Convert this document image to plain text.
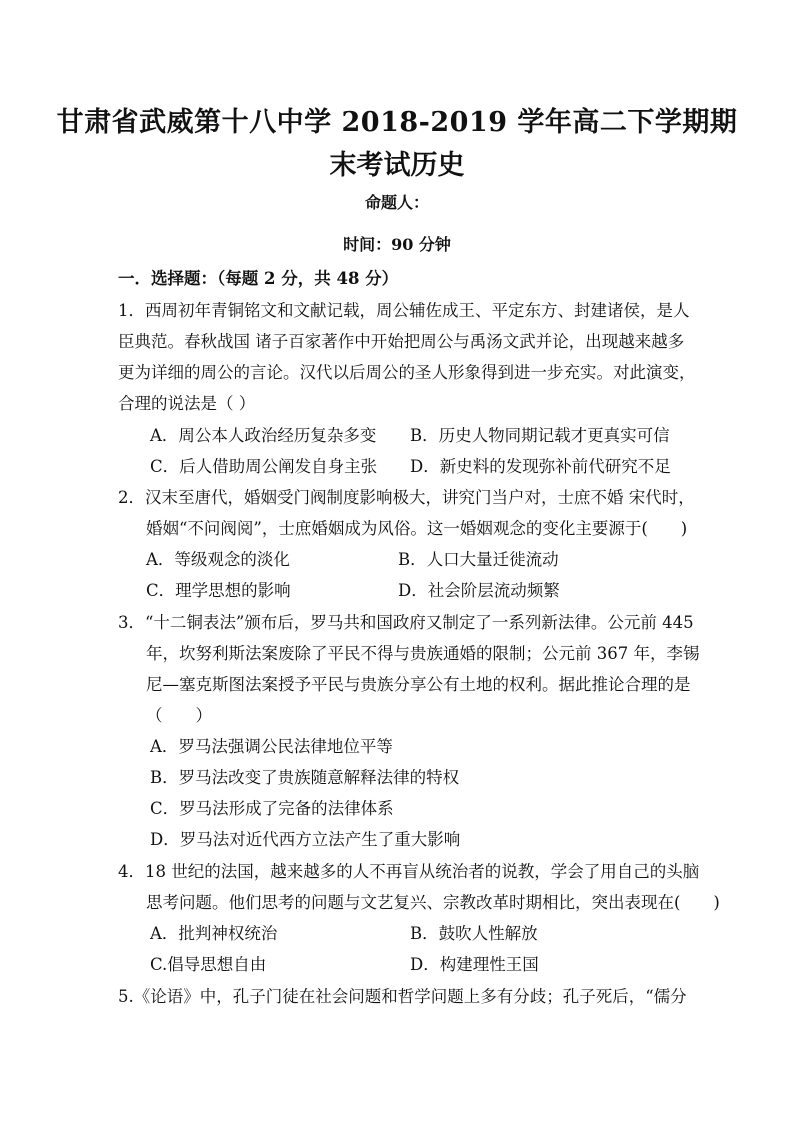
甘肃省武威第十八中学 2018-2019 学年高二下学期期
末考试历史
命题人：
时间：90 分钟
一．选择题：（每题 2 分，共 48 分）
1．西周初年青铜铭文和文献记载，周公辅佐成王、平定东方、封建诸侯，是人
臣典范。春秋战国 诸子百家著作中开始把周公与禹汤文武并论，出现越来越多
更为详细的周公的言论。汉代以后周公的圣人形象得到进一步充实。对此演变，
合理的说法是（ ）
A．周公本人政治经历复杂多变 B．历史人物同期记载才更真实可信
C．后人借助周公阐发自身主张 D．新史料的发现弥补前代研究不足
2．汉末至唐代，婚姻受门阀制度影响极大，讲究门当户对，士庶不婚 宋代时，
婚姻“不问阀阅”，士庶婚姻成为风俗。这一婚姻观念的变化主要源于(　　)
A．等级观念的淡化	B．人口大量迁徙流动
C．理学思想的影响	D．社会阶层流动频繁
3．“十二铜表法”颁布后，罗马共和国政府又制定了一系列新法律。公元前 445
年，坎努利斯法案废除了平民不得与贵族通婚的限制；公元前 367 年，李锡
尼—塞克斯图法案授予平民与贵族分享公有土地的权利。据此推论合理的是
（　　）
A．罗马法强调公民法律地位平等
B．罗马法改变了贵族随意解释法律的特权
C．罗马法形成了完备的法律体系
D．罗马法对近代西方立法产生了重大影响
4．18 世纪的法国，越来越多的人不再盲从统治者的说教，学会了用自己的头脑
思考问题。他们思考的问题与文艺复兴、宗教改革时期相比，突出表现在(　　)
A．批判神权统治	B．鼓吹人性解放
C.倡导思想自由	D．构建理性王国
5.《论语》中，孔子门徒在社会问题和哲学问题上多有分歧；孔子死后，“儒分
